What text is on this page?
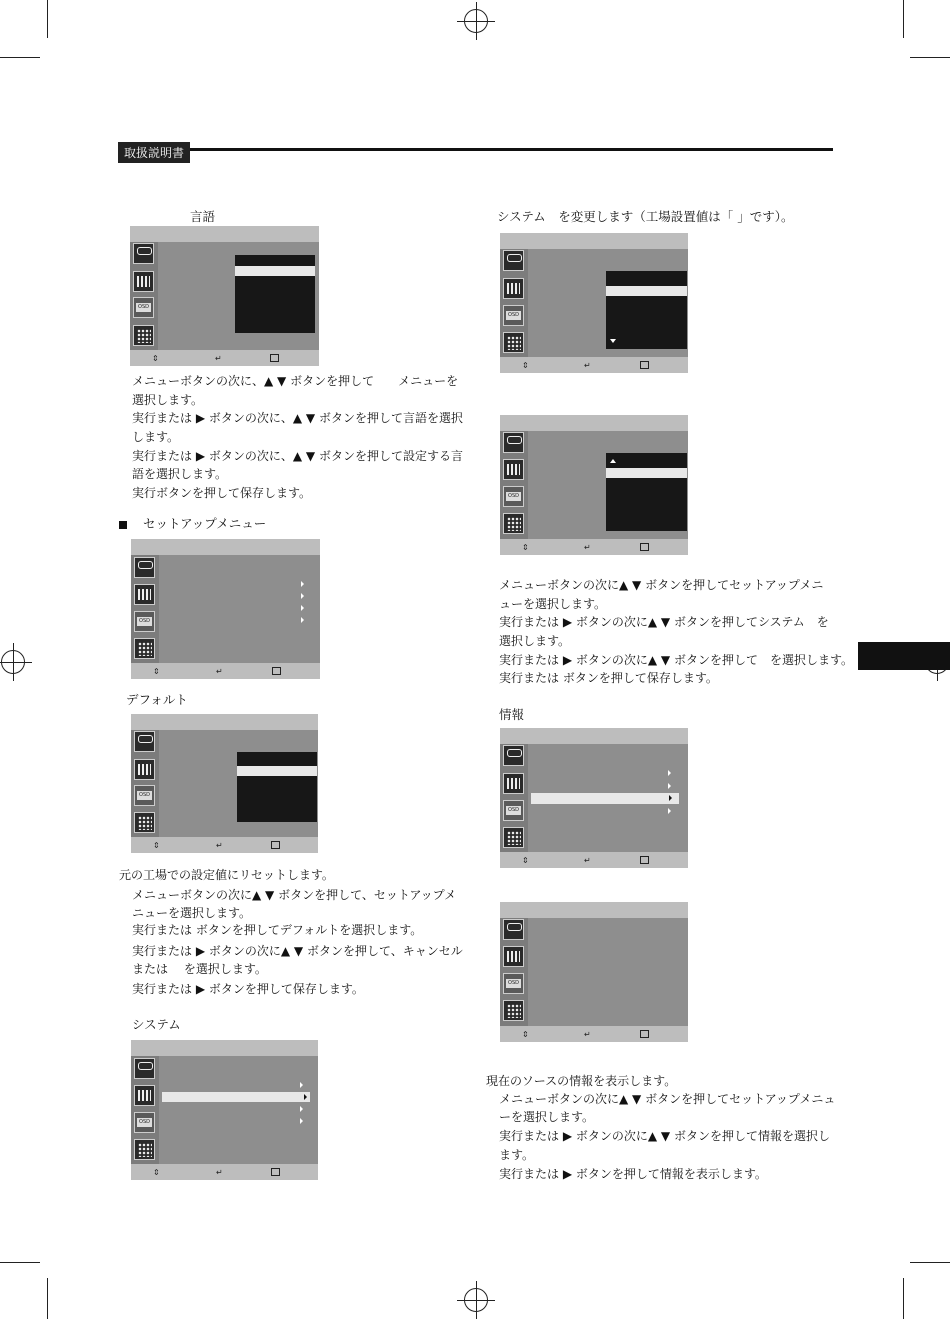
取扱説明書
言語
OSD
⇕	↵
メニューボタンの次に、▲ ▼ ボタンを押して　　メニューを
選択します。
実行または ▶ ボタンの次に、▲ ▼ ボタンを押して言語を選択
します。
実行または ▶ ボタンの次に、▲ ▼ ボタンを押して設定する言
語を選択します。
実行ボタンを押して保存します。
セットアップメニュー
OSD
⇕	↵
デフォルト
OSD
⇕	↵
元の工場での設定値にリセットします。
メニューボタンの次に▲ ▼ ボタンを押して、セットアップメ
ニューを選択します。
実行または ボタンを押してデフォルトを選択します。
実行または ▶ ボタンの次に▲ ▼ ボタンを押して、キャンセル
または　 を選択します。
実行または ▶ ボタンを押して保存します。
システム
OSD
⇕	↵
システム　を変更します（工場設置値は「 」です）。
OSD
⇕	↵
OSD
⇕	↵
メニューボタンの次に▲ ▼ ボタンを押してセットアップメニ
ューを選択します。
実行または ▶ ボタンの次に▲ ▼ ボタンを押してシステム　を
選択します。
実行または ▶ ボタンの次に▲ ▼ ボタンを押して　を選択します。
実行または ボタンを押して保存します。
情報
OSD
⇕	↵
OSD
⇕	↵
現在のソースの情報を表示します。
メニューボタンの次に▲ ▼ ボタンを押してセットアップメニュ
ーを選択します。
実行または ▶ ボタンの次に▲ ▼ ボタンを押して情報を選択し
ます。
実行または ▶ ボタンを押して情報を表示します。
